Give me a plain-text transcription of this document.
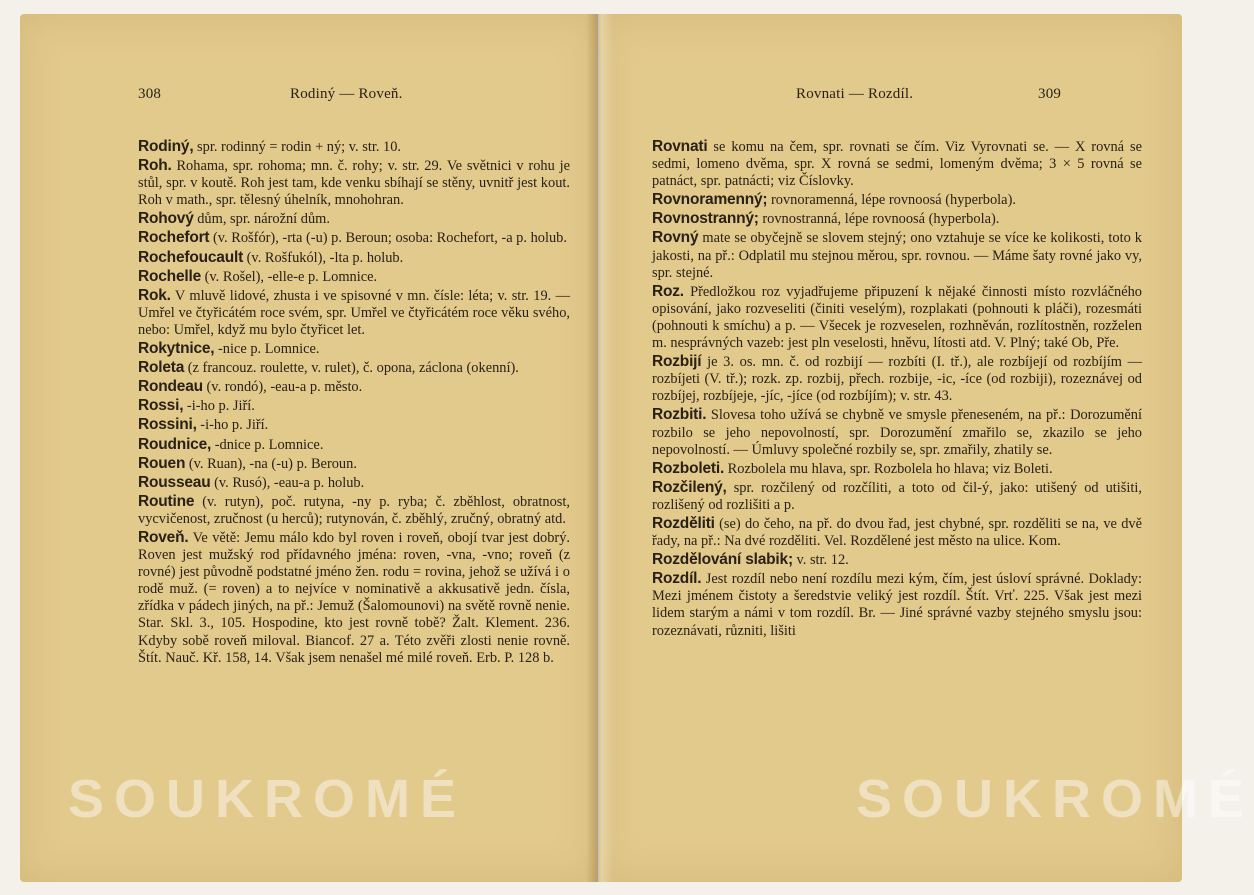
308	Rodiný — Roveň.
Rodiný, spr. rodinný = rodin + ný; v. str. 10.
Roh. Rohama, spr. rohoma; mn. č. rohy; v. str. 29. Ve světnici v rohu je stůl, spr. v koutě. Roh jest tam, kde venku sbíhají se stěny, uvnitř jest kout. Roh v math., spr. tělesný úhelník, mnohohran.
Rohový dům, spr. nárožní dům.
Rochefort (v. Rošfór), -rta (-u) p. Beroun; osoba: Rochefort, -a p. holub.
Rochefoucault (v. Rošfukól), -lta p. holub.
Rochelle (v. Rošel), -elle-e p. Lomnice.
Rok. V mluvě lidové, zhusta i ve spisovné v mn. čísle: léta; v. str. 19. — Umřel ve čtyřicátém roce svém, spr. Umřel ve čtyřicátém roce věku svého, nebo: Umřel, když mu bylo čtyřicet let.
Rokytnice, -nice p. Lomnice.
Roleta (z francouz. roulette, v. rulet), č. opona, záclona (okenní).
Rondeau (v. rondó), -eau-a p. město.
Rossi, -i-ho p. Jiří.
Rossini, -i-ho p. Jiří.
Roudnice, -dnice p. Lomnice.
Rouen (v. Ruan), -na (-u) p. Beroun.
Rousseau (v. Rusó), -eau-a p. holub.
Routine (v. rutyn), poč. rutyna, -ny p. ryba; č. zběhlost, obratnost, vycvičenost, zručnost (u herců); rutynován, č. zběhlý, zručný, obratný atd.
Roveň. Ve větě: Jemu málo kdo byl roven i roveň, obojí tvar jest dobrý. Roven jest mužský rod přídavného jména: roven, -vna, -vno; roveň (z rovné) jest původně podstatné jméno žen. rodu = rovina, jehož se užívá i o rodě muž. (= roven) a to nejvíce v nominativě a akkusativě jedn. čísla, zřídka v pádech jiných, na př.: Jemuž (Šalomounovi) na světě rovně nenie. Star. Skl. 3., 105. Hospodine, kto jest rovně tobě? Žalt. Klement. 236. Kdyby sobě roveň miloval. Biancof. 27 a. Této zvěři zlosti nenie rovně. Štít. Nauč. Kř. 158, 14. Však jsem nenašel mé milé roveň. Erb. P. 128 b.
SOUKROMÉ
Rovnati — Rozdíl.	309
Rovnati se komu na čem, spr. rovnati se čím. Viz Vyrovnati se. — X rovná se sedmi, lomeno dvěma, spr. X rovná se sedmi, lomeným dvěma; 3 × 5 rovná se patnáct, spr. patnácti; viz Číslovky.
Rovnoramenný; rovnoramenná, lépe rovnoosá (hyperbola).
Rovnostranný; rovnostranná, lépe rovnoosá (hyperbola).
Rovný mate se obyčejně se slovem stejný; ono vztahuje se více ke kolikosti, toto k jakosti, na př.: Odplatil mu stejnou měrou, spr. rovnou. — Máme šaty rovné jako vy, spr. stejné.
Roz. Předložkou roz vyjadřujeme připuzení k nějaké činnosti místo rozvláčného opisování, jako rozveseliti (činiti veselým), rozplakati (pohnouti k pláči), rozesmáti (pohnouti k smíchu) a p. — Všecek je rozveselen, rozhněván, rozlítostněn, rozželen m. nesprávných vazeb: jest pln veselosti, hněvu, lítosti atd. V. Plný; také Ob, Pře.
Rozbijí je 3. os. mn. č. od rozbijí — rozbíti (I. tř.), ale rozbíjejí od rozbíjím — rozbíjeti (V. tř.); rozk. zp. rozbij, přech. rozbije, -ic, -íce (od rozbiji), rozeznávej od rozbíjej, rozbíjeje, -jíc, -jíce (od rozbíjím); v. str. 43.
Rozbiti. Slovesa toho užívá se chybně ve smysle přeneseném, na př.: Dorozumění rozbilo se jeho nepovolností, spr. Dorozumění zmařilo se, zkazilo se jeho nepovolností. — Úmluvy společné rozbily se, spr. zmařily, zhatily se.
Rozboleti. Rozbolela mu hlava, spr. Rozbolela ho hlava; viz Boleti.
Rozčilený, spr. rozčilený od rozčíliti, a toto od čil-ý, jako: utišený od utišiti, rozlišený od rozlišiti a p.
Rozděliti (se) do čeho, na př. do dvou řad, jest chybné, spr. rozděliti se na, ve dvě řady, na př.: Na dvé rozděliti. Vel. Rozdělené jest město na ulice. Kom.
Rozdělování slabik; v. str. 12.
Rozdíl. Jest rozdíl nebo není rozdílu mezi kým, čím, jest úsloví správné. Doklady: Mezi jménem čistoty a šeredstvie veliký jest rozdíl. Štít. Vrť. 225. Však jest mezi lidem starým a námi v tom rozdíl. Br. — Jiné správné vazby stejného smyslu jsou: rozeznávati, různiti, lišiti
SOUKROMÉ
